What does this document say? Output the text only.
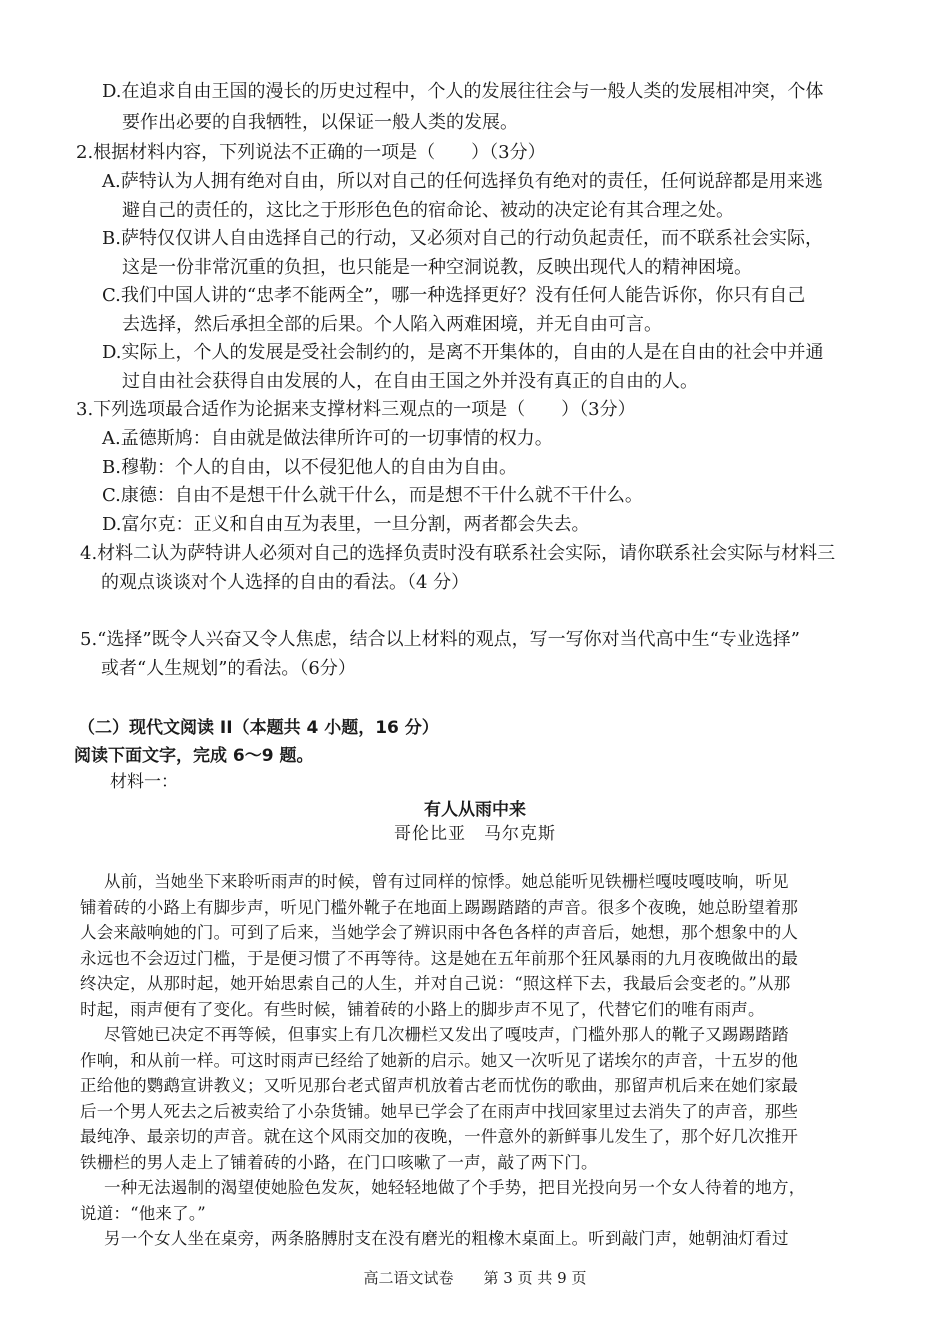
D.在追求自由王国的漫长的历史过程中，个人的发展往往会与一般人类的发展相冲突，个体
要作出必要的自我牺牲，以保证一般人类的发展。
2.根据材料内容，下列说法不正确的一项是（　　）（3分）
A.萨特认为人拥有绝对自由，所以对自己的任何选择负有绝对的责任，任何说辞都是用来逃
避自己的责任的，这比之于形形色色的宿命论、被动的决定论有其合理之处。
B.萨特仅仅讲人自由选择自己的行动，又必须对自己的行动负起责任，而不联系社会实际，
这是一份非常沉重的负担，也只能是一种空洞说教，反映出现代人的精神困境。
C.我们中国人讲的“忠孝不能两全”，哪一种选择更好？没有任何人能告诉你，你只有自己
去选择，然后承担全部的后果。个人陷入两难困境，并无自由可言。
D.实际上，个人的发展是受社会制约的，是离不开集体的，自由的人是在自由的社会中并通
过自由社会获得自由发展的人，在自由王国之外并没有真正的自由的人。
3.下列选项最合适作为论据来支撑材料三观点的一项是（　　）（3分）
A.孟德斯鸠：自由就是做法律所许可的一切事情的权力。
B.穆勒：个人的自由，以不侵犯他人的自由为自由。
C.康德：自由不是想干什么就干什么，而是想不干什么就不干什么。
D.富尔克：正义和自由互为表里，一旦分割，两者都会失去。
4.材料二认为萨特讲人必须对自己的选择负责时没有联系社会实际，请你联系社会实际与材料三
的观点谈谈对个人选择的自由的看法。（4 分）
5.“选择”既令人兴奋又令人焦虑，结合以上材料的观点，写一写你对当代高中生“专业选择”
或者“人生规划”的看法。（6分）
（二）现代文阅读 II（本题共 4 小题，16 分）
阅读下面文字，完成 6～9 题。
材料一：
有人从雨中来
哥伦比亚　马尔克斯
从前，当她坐下来聆听雨声的时候，曾有过同样的惊悸。她总能听见铁栅栏嘎吱嘎吱响，听见
铺着砖的小路上有脚步声，听见门槛外靴子在地面上踢踢踏踏的声音。很多个夜晚，她总盼望着那
人会来敲响她的门。可到了后来，当她学会了辨识雨中各色各样的声音后，她想，那个想象中的人
永远也不会迈过门槛，于是便习惯了不再等待。这是她在五年前那个狂风暴雨的九月夜晚做出的最
终决定，从那时起，她开始思索自己的人生，并对自己说：“照这样下去，我最后会变老的。”从那
时起，雨声便有了变化。有些时候，铺着砖的小路上的脚步声不见了，代替它们的唯有雨声。
尽管她已决定不再等候，但事实上有几次栅栏又发出了嘎吱声，门槛外那人的靴子又踢踢踏踏
作响，和从前一样。可这时雨声已经给了她新的启示。她又一次听见了诺埃尔的声音，十五岁的他
正给他的鹦鹉宣讲教义；又听见那台老式留声机放着古老而忧伤的歌曲，那留声机后来在她们家最
后一个男人死去之后被卖给了小杂货铺。她早已学会了在雨声中找回家里过去消失了的声音，那些
最纯净、最亲切的声音。就在这个风雨交加的夜晚，一件意外的新鲜事儿发生了，那个好几次推开
铁栅栏的男人走上了铺着砖的小路，在门口咳嗽了一声，敲了两下门。
一种无法遏制的渴望使她脸色发灰，她轻轻地做了个手势，把目光投向另一个女人待着的地方，
说道：“他来了。”
另一个女人坐在桌旁，两条胳膊肘支在没有磨光的粗橡木桌面上。听到敲门声，她朝油灯看过
高二语文试卷　　第 3 页 共 9 页
